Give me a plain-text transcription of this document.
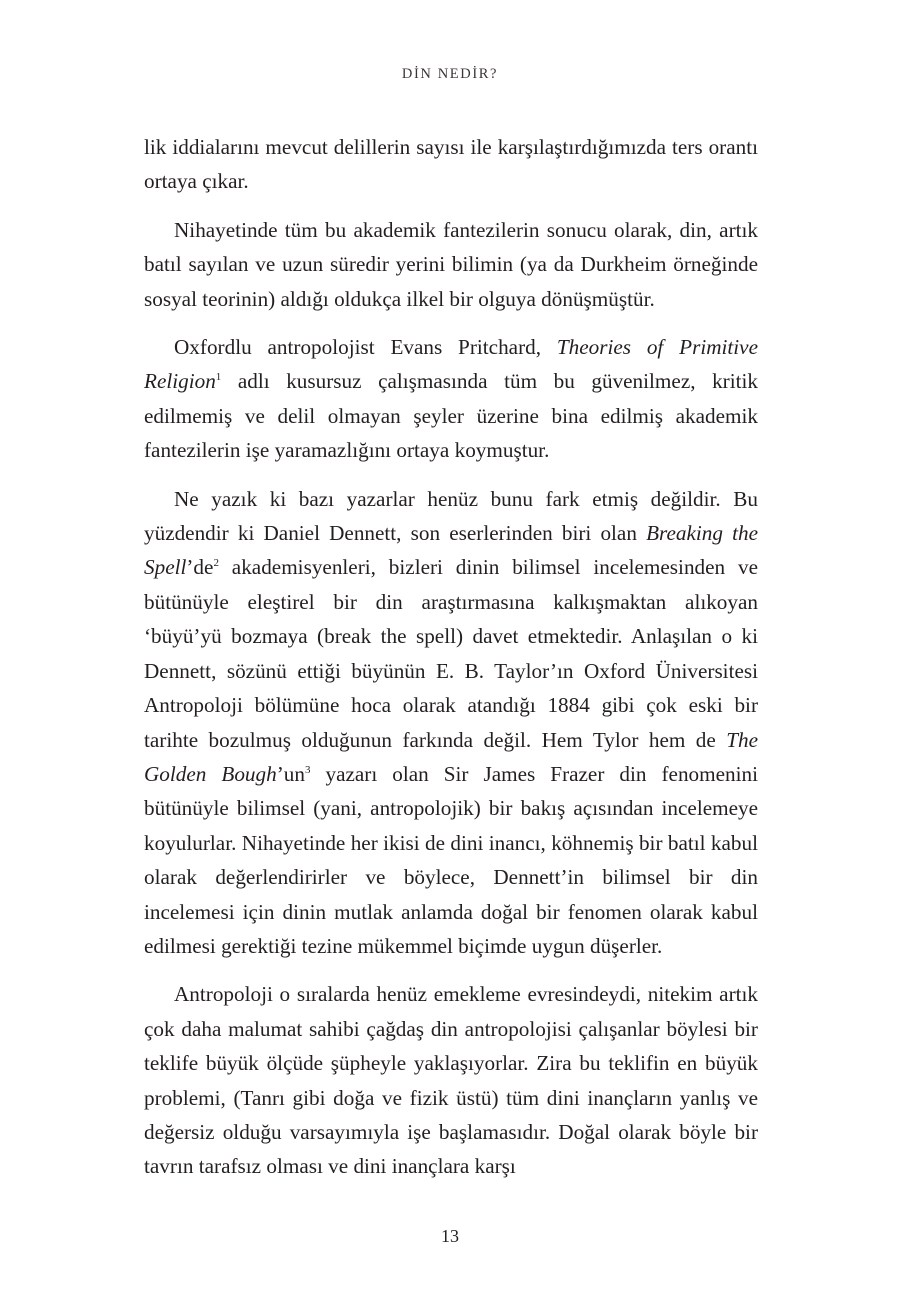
DİN NEDİR?

lik iddialarını mevcut delillerin sayısı ile karşılaştırdığımızda ters orantı ortaya çıkar.

Nihayetinde tüm bu akademik fantezilerin sonucu olarak, din, artık batıl sayılan ve uzun süredir yerini bilimin (ya da Durkheim örneğinde sosyal teorinin) aldığı oldukça ilkel bir olguya dönüşmüştür.

Oxfordlu antropolojist Evans Pritchard, Theories of Primitive Religion$^1$ adlı kusursuz çalışmasında tüm bu güvenilmez, kritik edilmemiş ve delil olmayan şeyler üzerine bina edilmiş akademik fantezilerin işe yaramazlığını ortaya koymuştur.

Ne yazık ki bazı yazarlar henüz bunu fark etmiş değildir. Bu yüzdendir ki Daniel Dennett, son eserlerinden biri olan Breaking the $Spell’de^2$ akademisyenleri, bizleri dinin bilimsel incelemesinden ve bütünüyle eleştirel bir din araştırmasına kalkışmaktan alıkoyan ‘büyü’yü bozmaya (break the spell) davet etmektedir. Anlaşılan o ki Dennett, sözünü ettiği büyünün E. B. Taylor’ın Oxford Üniversitesi Antropoloji bölümüne hoca olarak atandığı 1884 gibi çok eski bir tarihte bozulmuş olduğunun farkında değil. Hem Tylor hem de The Golden $Bough’un^3$ yazarı olan Sir James Frazer din fenomenini bütünüyle bilimsel (yani, antropolojik) bir bakış açısından incelemeye koyulurlar. Nihayetinde her ikisi de dini inancı, köhnemiş bir batıl kabul olarak değerlendirirler ve böylece, Dennett’in bilimsel bir din incelemesi için dinin mutlak anlamda doğal bir fenomen olarak kabul edilmesi gerektiği tezine mükemmel biçimde uygun düşerler.

Antropoloji o sıralarda henüz emekleme evresindeydi, nitekim artık çok daha malumat sahibi çağdaş din antropolojisi çalışanlar böylesi bir teklife büyük ölçüde şüpheyle yaklaşıyorlar. Zira bu teklifin en büyük problemi, (Tanrı gibi doğa ve fizik üstü) tüm dini inançların yanlış ve değersiz olduğu varsayımıyla işe başlamasıdır. Doğal olarak böyle bir tavrın tarafsız olması ve dini inançlara karşı

13
